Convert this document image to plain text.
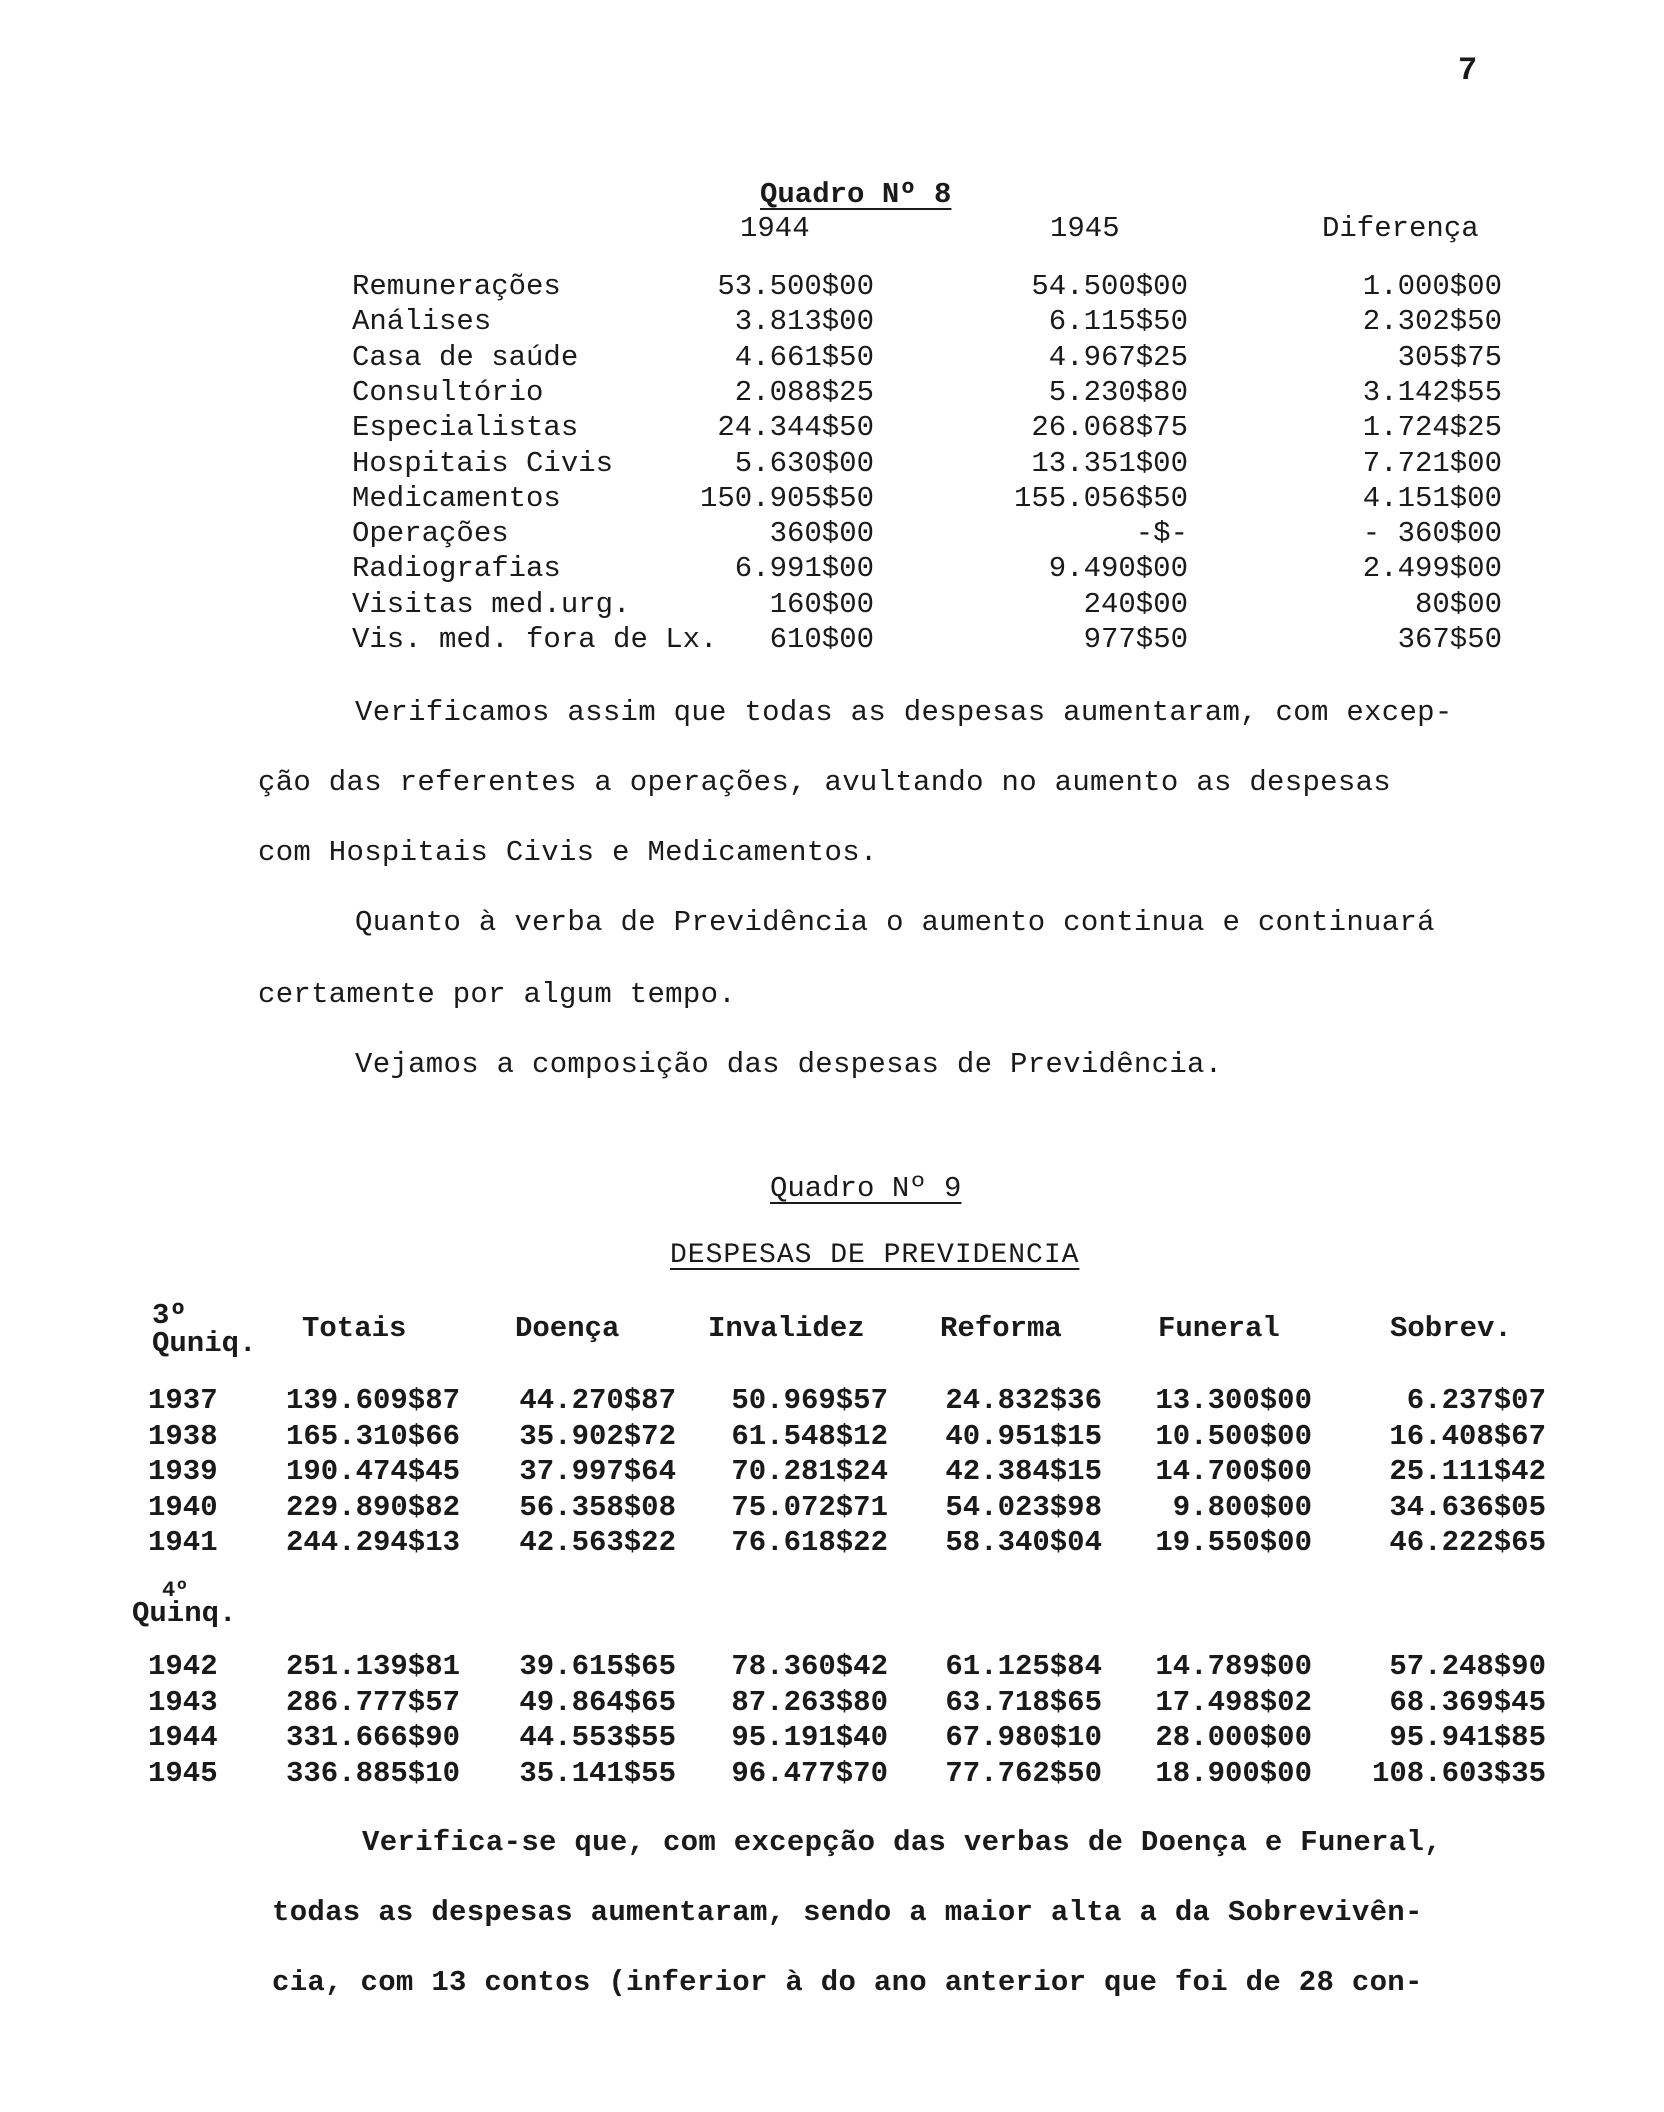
7
Quadro Nº 8
1944	1945	Diferença
Remunerações	53.500$00	54.500$00	1.000$00
Análises	3.813$00	6.115$50	2.302$50
Casa de saúde	4.661$50	4.967$25	305$75
Consultório	2.088$25	5.230$80	3.142$55
Especialistas	24.344$50	26.068$75	1.724$25
Hospitais Civis	5.630$00	13.351$00	7.721$00
Medicamentos	150.905$50	155.056$50	4.151$00
Operações	360$00	-$-	- 360$00
Radiografias	6.991$00	9.490$00	2.499$00
Visitas med.urg.	160$00	240$00	80$00
Vis. med. fora de Lx. 610$00	977$50	367$50
Verificamos assim que todas as despesas aumentaram, com excep-
ção das referentes a operações, avultando no aumento as despesas
com Hospitais Civis e Medicamentos.
Quanto à verba de Previdência o aumento continua e continuará
certamente por algum tempo.
Vejamos a composição das despesas de Previdência.
Quadro Nº 9
DESPESAS DE PREVIDENCIA
3º
Quniq. Totais	Doença	Invalidez	Reforma	Funeral	Sobrev.
1937 139.609$87 44.270$87 50.969$57 24.832$36 13.300$00	6.237$07
1938 165.310$66 35.902$72 61.548$12 40.951$15 10.500$00	16.408$67
1939 190.474$45 37.997$64 70.281$24 42.384$15 14.700$00	25.111$42
1940 229.890$82 56.358$08 75.072$71 54.023$98 9.800$00	34.636$05
1941 244.294$13 42.563$22 76.618$22 58.340$04 19.550$00	46.222$65
4º
Quinq.
1942 251.139$81 39.615$65 78.360$42 61.125$84 14.789$00	57.248$90
1943 286.777$57 49.864$65 87.263$80 63.718$65 17.498$02	68.369$45
1944 331.666$90 44.553$55 95.191$40 67.980$10 28.000$00	95.941$85
1945 336.885$10 35.141$55 96.477$70 77.762$50 18.900$00 108.603$35
Verifica-se que, com excepção das verbas de Doença e Funeral,
todas as despesas aumentaram, sendo a maior alta a da Sobrevivên-
cia, com 13 contos (inferior à do ano anterior que foi de 28 con-
